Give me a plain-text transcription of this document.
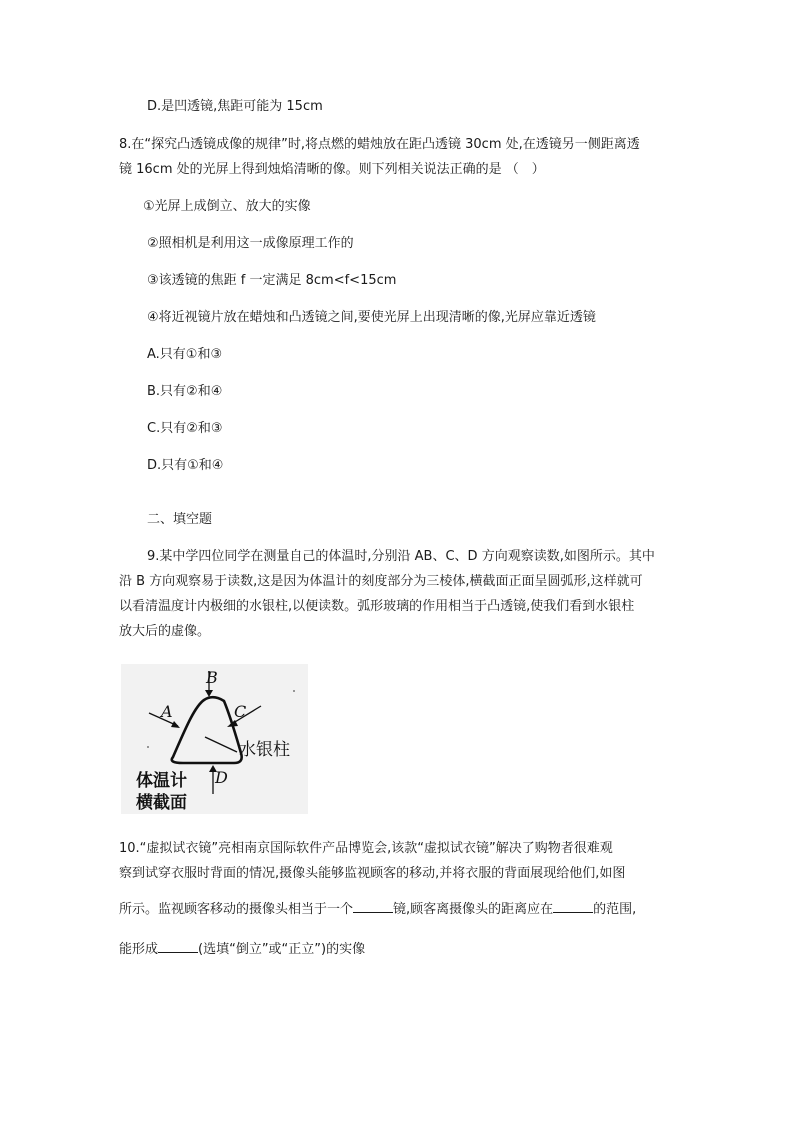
D.是凹透镜,焦距可能为 15cm
8.在“探究凸透镜成像的规律”时,将点燃的蜡烛放在距凸透镜 30cm 处,在透镜另一侧距离透
镜 16cm 处的光屏上得到烛焰清晰的像。则下列相关说法正确的是 （　）
①光屏上成倒立、放大的实像
②照相机是利用这一成像原理工作的
③该透镜的焦距 f 一定满足 8cm<f<15cm
④将近视镜片放在蜡烛和凸透镜之间,要使光屏上出现清晰的像,光屏应靠近透镜
A.只有①和③
B.只有②和④
C.只有②和③
D.只有①和④
二、填空题
9.某中学四位同学在测量自己的体温时,分别沿 AB、C、D 方向观察读数,如图所示。其中
沿 B 方向观察易于读数,这是因为体温计的刻度部分为三棱体,横截面正面呈圆弧形,这样就可
以看清温度计内极细的水银柱,以便读数。弧形玻璃的作用相当于凸透镜,使我们看到水银柱
放大后的虚像。
B
A	C
D
水银柱
体温计
横截面
10.“虚拟试衣镜”亮相南京国际软件产品博览会,该款“虚拟试衣镜”解决了购物者很难观
察到试穿衣服时背面的情况,摄像头能够监视顾客的移动,并将衣服的背面展现给他们,如图
所示。监视顾客移动的摄像头相当于一个	镜,顾客离摄像头的距离应在	的范围,
能形成	(选填“倒立”或“正立”)的实像
